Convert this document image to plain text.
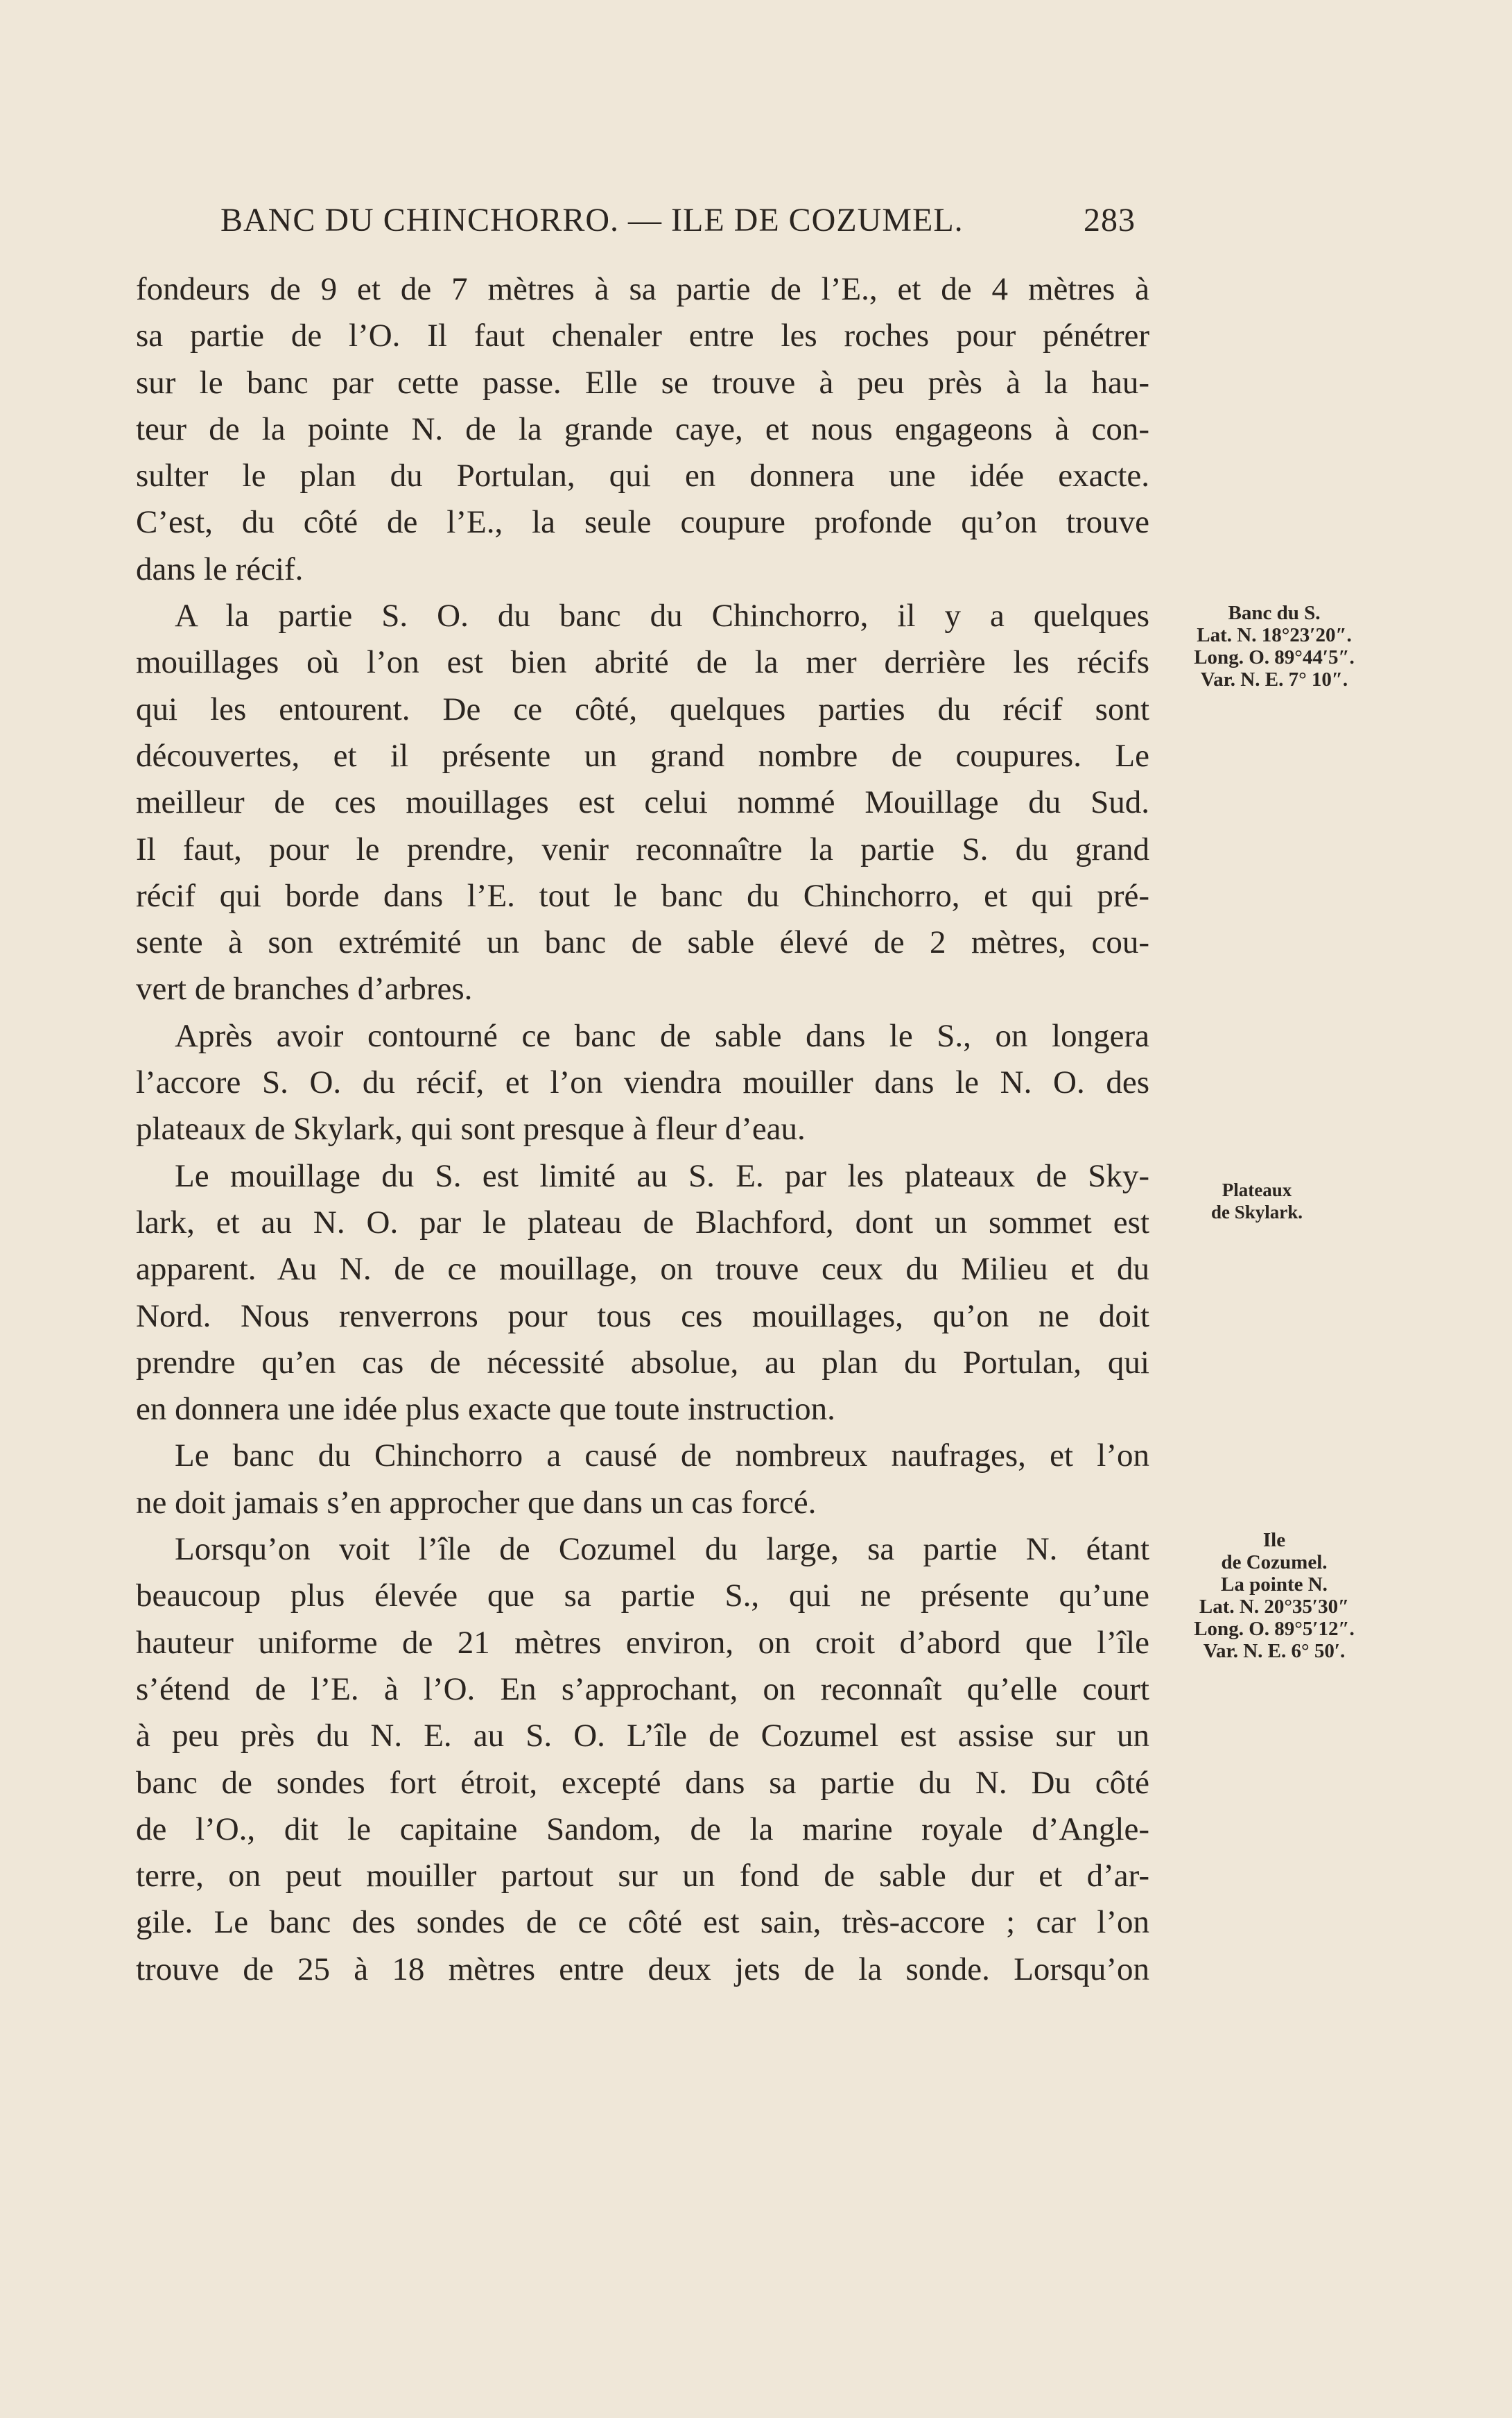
BANC DU CHINCHORRO. — ILE DE COZUMEL.	283
fondeurs de 9 et de 7 mètres à sa partie de l’E., et de 4 mètres à
sa partie de l’O. Il faut chenaler entre les roches pour pénétrer
sur le banc par cette passe. Elle se trouve à peu près à la hau-
teur de la pointe N. de la grande caye, et nous engageons à con-
sulter le plan du Portulan, qui en donnera une idée exacte.
C’est, du côté de l’E., la seule coupure profonde qu’on trouve
dans le récif.
A la partie S. O. du banc du Chinchorro, il y a quelques
mouillages où l’on est bien abrité de la mer derrière les récifs
qui les entourent. De ce côté, quelques parties du récif sont
découvertes, et il présente un grand nombre de coupures. Le
meilleur de ces mouillages est celui nommé Mouillage du Sud.
Il faut, pour le prendre, venir reconnaître la partie S. du grand
récif qui borde dans l’E. tout le banc du Chinchorro, et qui pré-
sente à son extrémité un banc de sable élevé de 2 mètres, cou-
vert de branches d’arbres.
Après avoir contourné ce banc de sable dans le S., on longera
l’accore S. O. du récif, et l’on viendra mouiller dans le N. O. des
plateaux de Skylark, qui sont presque à fleur d’eau.
Le mouillage du S. est limité au S. E. par les plateaux de Sky-
lark, et au N. O. par le plateau de Blachford, dont un sommet est
apparent. Au N. de ce mouillage, on trouve ceux du Milieu et du
Nord. Nous renverrons pour tous ces mouillages, qu’on ne doit
prendre qu’en cas de nécessité absolue, au plan du Portulan, qui
en donnera une idée plus exacte que toute instruction.
Le banc du Chinchorro a causé de nombreux naufrages, et l’on
ne doit jamais s’en approcher que dans un cas forcé.
Lorsqu’on voit l’île de Cozumel du large, sa partie N. étant
beaucoup plus élevée que sa partie S., qui ne présente qu’une
hauteur uniforme de 21 mètres environ, on croit d’abord que l’île
s’étend de l’E. à l’O. En s’approchant, on reconnaît qu’elle court
à peu près du N. E. au S. O. L’île de Cozumel est assise sur un
banc de sondes fort étroit, excepté dans sa partie du N. Du côté
de l’O., dit le capitaine Sandom, de la marine royale d’Angle-
terre, on peut mouiller partout sur un fond de sable dur et d’ar-
gile. Le banc des sondes de ce côté est sain, très-accore ; car l’on
trouve de 25 à 18 mètres entre deux jets de la sonde. Lorsqu’on
Banc du S.
Lat. N. 18°23′20″.
Long. O. 89°44′5″.
Var. N. E. 7° 10″.
Plateaux
de Skylark.
Ile
de Cozumel.
La pointe N.
Lat. N. 20°35′30″
Long. O. 89°5′12″.
Var. N. E. 6° 50′.
